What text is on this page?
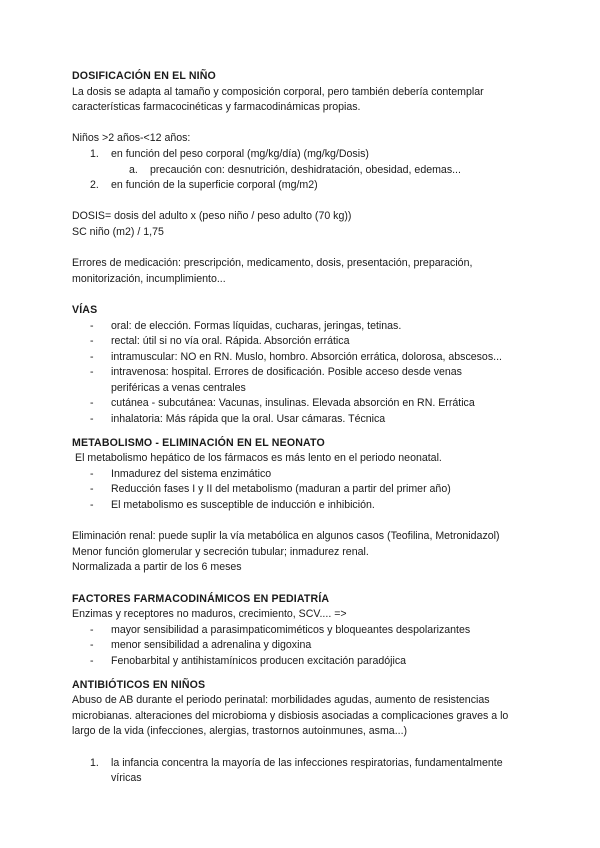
DOSIFICACIÓN EN EL NIÑO
La dosis se adapta al tamaño y composición corporal, pero también debería contemplar características farmacocinéticas y farmacodinámicas propias.
Niños >2 años-<12 años:
1. en función del peso corporal (mg/kg/día) (mg/kg/Dosis)
a. precaución con: desnutrición, deshidratación, obesidad, edemas...
2. en función de la superficie corporal (mg/m2)
DOSIS= dosis del adulto x (peso niño / peso adulto (70 kg))
SC niño (m2) / 1,75
Errores de medicación: prescripción, medicamento, dosis, presentación, preparación, monitorización, incumplimiento...
VÍAS
- oral: de elección. Formas líquidas, cucharas, jeringas, tetinas.
- rectal: útil si no vía oral. Rápida. Absorción errática
- intramuscular: NO en RN. Muslo, hombro. Absorción errática, dolorosa, abscesos...
- intravenosa: hospital. Errores de dosificación. Posible acceso desde venas periféricas a venas centrales
- cutánea - subcutánea: Vacunas, insulinas. Elevada absorción en RN. Errática
- inhalatoria: Más rápida que la oral. Usar cámaras. Técnica
METABOLISMO - ELIMINACIÓN EN EL NEONATO
El metabolismo hepático de los fármacos es más lento en el periodo neonatal.
- Inmadurez del sistema enzimático
- Reducción fases I y II del metabolismo (maduran a partir del primer año)
- El metabolismo es susceptible de inducción e inhibición.
Eliminación renal: puede suplir la vía metabólica en algunos casos (Teofilina, Metronidazol)
Menor función glomerular y secreción tubular; inmadurez renal.
Normalizada a partir de los 6 meses
FACTORES FARMACODINÁMICOS EN PEDIATRÍA
Enzimas y receptores no maduros, crecimiento, SCV.... =>
- mayor sensibilidad a parasimpaticomiméticos y bloqueantes despolarizantes
- menor sensibilidad a adrenalina y digoxina
- Fenobarbital y antihistamínicos producen excitación paradójica
ANTIBIÓTICOS EN NIÑOS
Abuso de AB durante el periodo perinatal: morbilidades agudas, aumento de resistencias microbianas. alteraciones del microbioma y disbiosis asociadas a complicaciones graves a lo largo de la vida (infecciones, alergias, trastornos autoinmunes, asma...)
1. la infancia concentra la mayoría de las infecciones respiratorias, fundamentalmente víricas
